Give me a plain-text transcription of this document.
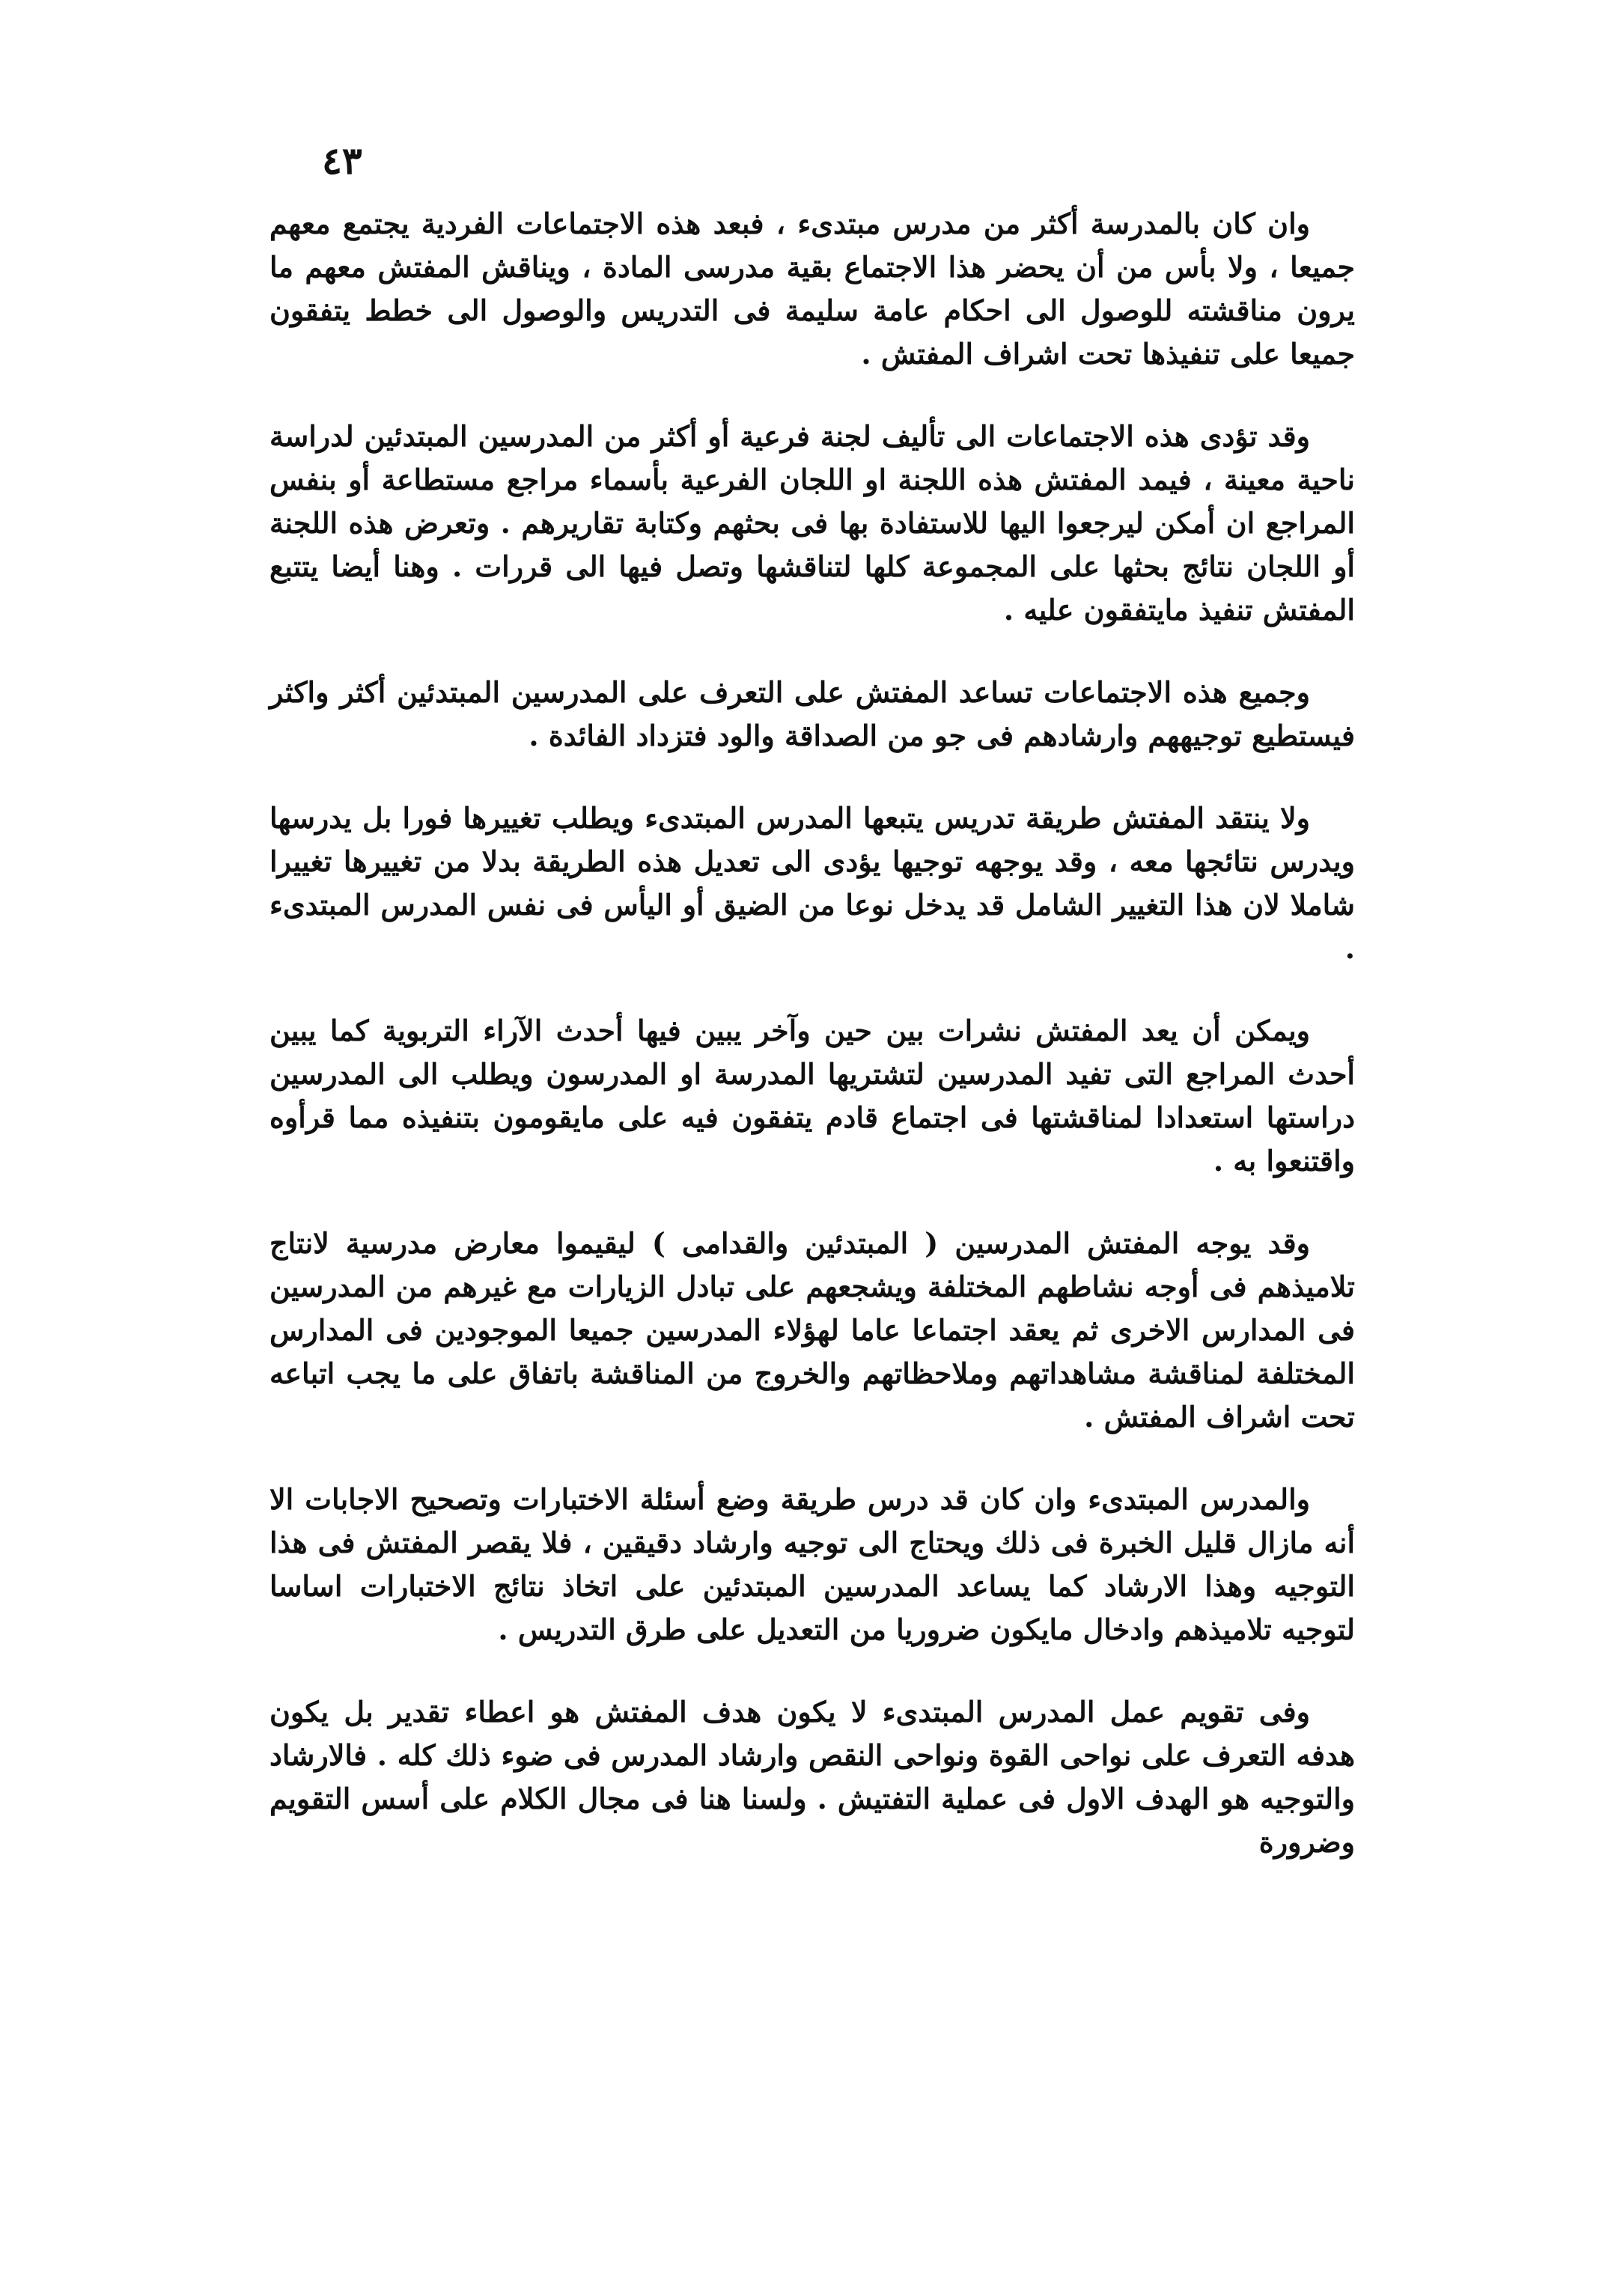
٤٣

وان كان بالمدرسة أكثر من مدرس مبتدىء ، فبعد هذه الاجتماعات الفردية يجتمع معهم جميعا ، ولا بأس من أن يحضر هذا الاجتماع بقية مدرسى المادة ، ويناقش المفتش معهم ما يرون مناقشته للوصول الى احكام عامة سليمة فى التدريس والوصول الى خطط يتفقون جميعا على تنفيذها تحت اشراف المفتش .

وقد تؤدى هذه الاجتماعات الى تأليف لجنة فرعية أو أكثر من المدرسين المبتدئين لدراسة ناحية معينة ، فيمد المفتش هذه اللجنة او اللجان الفرعية بأسماء مراجع مستطاعة أو بنفس المراجع ان أمكن ليرجعوا اليها للاستفادة بها فى بحثهم وكتابة تقاريرهم . وتعرض هذه اللجنة أو اللجان نتائج بحثها على المجموعة كلها لتناقشها وتصل فيها الى قررات . وهنا أيضا يتتبع المفتش تنفيذ مايتفقون عليه .

وجميع هذه الاجتماعات تساعد المفتش على التعرف على المدرسين المبتدئين أكثر واكثر فيستطيع توجيههم وارشادهم فى جو من الصداقة والود فتزداد الفائدة .

ولا ينتقد المفتش طريقة تدريس يتبعها المدرس المبتدىء ويطلب تغييرها فورا بل يدرسها ويدرس نتائجها معه ، وقد يوجهه توجيها يؤدى الى تعديل هذه الطريقة بدلا من تغييرها تغييرا شاملا لان هذا التغيير الشامل قد يدخل نوعا من الضيق أو اليأس فى نفس المدرس المبتدىء .

ويمكن أن يعد المفتش نشرات بين حين وآخر يبين فيها أحدث الآراء التربوية كما يبين أحدث المراجع التى تفيد المدرسين لتشتريها المدرسة او المدرسون ويطلب الى المدرسين دراستها استعدادا لمناقشتها فى اجتماع قادم يتفقون فيه على مايقومون بتنفيذه مما قرأوه واقتنعوا به .

وقد يوجه المفتش المدرسين ( المبتدئين والقدامى ) ليقيموا معارض مدرسية لانتاج تلاميذهم فى أوجه نشاطهم المختلفة ويشجعهم على تبادل الزيارات مع غيرهم من المدرسين فى المدارس الاخرى ثم يعقد اجتماعا عاما لهؤلاء المدرسين جميعا الموجودين فى المدارس المختلفة لمناقشة مشاهداتهم وملاحظاتهم والخروج من المناقشة باتفاق على ما يجب اتباعه تحت اشراف المفتش .

والمدرس المبتدىء وان كان قد درس طريقة وضع أسئلة الاختبارات وتصحيح الاجابات الا أنه مازال قليل الخبرة فى ذلك ويحتاج الى توجيه وارشاد دقيقين ، فلا يقصر المفتش فى هذا التوجيه وهذا الارشاد كما يساعد المدرسين المبتدئين على اتخاذ نتائج الاختبارات اساسا لتوجيه تلاميذهم وادخال مايكون ضروريا من التعديل على طرق التدريس .

وفى تقويم عمل المدرس المبتدىء لا يكون هدف المفتش هو اعطاء تقدير بل يكون هدفه التعرف على نواحى القوة ونواحى النقص وارشاد المدرس فى ضوء ذلك كله . فالارشاد والتوجيه هو الهدف الاول فى عملية التفتيش . ولسنا هنا فى مجال الكلام على أسس التقويم وضرورة
